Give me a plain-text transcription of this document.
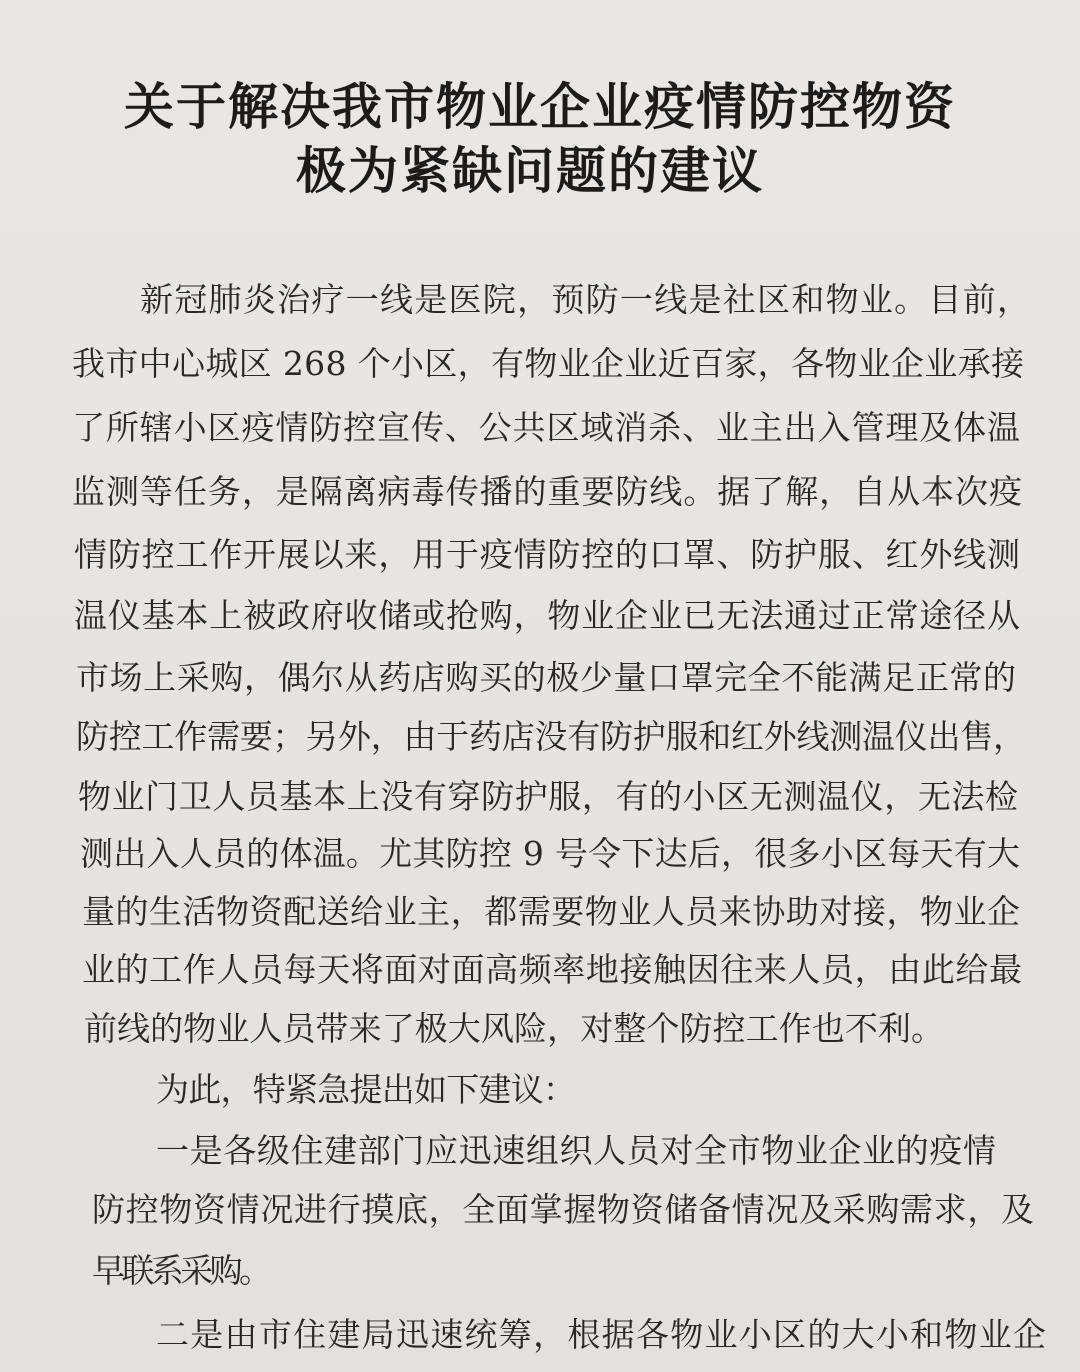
关于解决我市物业企业疫情防控物资
极为紧缺问题的建议
新冠肺炎治疗一线是医院，预防一线是社区和物业。目前，
我市中心城区 268 个小区，有物业企业近百家，各物业企业承接
了所辖小区疫情防控宣传、公共区域消杀、业主出入管理及体温
监测等任务，是隔离病毒传播的重要防线。据了解，自从本次疫
情防控工作开展以来，用于疫情防控的口罩、防护服、红外线测
温仪基本上被政府收储或抢购，物业企业已无法通过正常途径从
市场上采购，偶尔从药店购买的极少量口罩完全不能满足正常的
防控工作需要；另外，由于药店没有防护服和红外线测温仪出售，
物业门卫人员基本上没有穿防护服，有的小区无测温仪，无法检
测出入人员的体温。尤其防控 9 号令下达后，很多小区每天有大
量的生活物资配送给业主，都需要物业人员来协助对接，物业企
业的工作人员每天将面对面高频率地接触因往来人员，由此给最
前线的物业人员带来了极大风险，对整个防控工作也不利。
为此，特紧急提出如下建议：
一是各级住建部门应迅速组织人员对全市物业企业的疫情
防控物资情况进行摸底，全面掌握物资储备情况及采购需求，及
早联系采购。
二是由市住建局迅速统筹，根据各物业小区的大小和物业企
